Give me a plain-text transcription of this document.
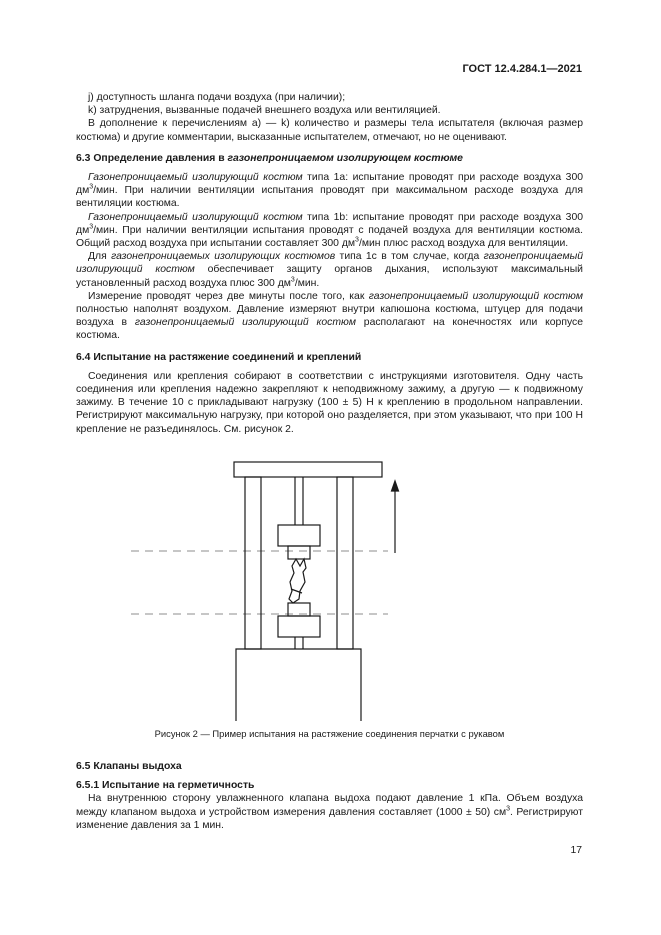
ГОСТ 12.4.284.1—2021

j) доступность шланга подачи воздуха (при наличии);

k) затруднения, вызванные подачей внешнего воздуха или вентиляцией.

В дополнение к перечислениям а) — k) количество и размеры тела испытателя (включая размер костюма) и другие комментарии, высказанные испытателем, отмечают, но не оценивают.

6.3 Определение давления в газонепроницаемом изолирующем костюме

Газонепроницаемый изолирующий костюм типа 1а: испытание проводят при расходе воздуха 300 $дм^3$/мин. При наличии вентиляции испытания проводят при максимальном расходе воздуха для вентиляции костюма.

Газонепроницаемый изолирующий костюм типа 1b: испытание проводят при расходе воздуха 300 $дм^3$/мин. При наличии вентиляции испытания проводят с подачей воздуха для вентиляции костюма. Общий расход воздуха при испытании составляет 300 $дм^3$/мин плюс расход воздуха для вентиляции.

Для газонепроницаемых изолирующих костюмов типа 1c в том случае, когда газонепроницаемый изолирующий костюм обеспечивает защиту органов дыхания, используют максимальный установленный расход воздуха плюс 300 $дм^3$/мин.

Измерение проводят через две минуты после того, как газонепроницаемый изолирующий костюм полностью наполнят воздухом. Давление измеряют внутри капюшона костюма, штуцер для подачи воздуха в газонепроницаемый изолирующий костюм располагают на конечностях или корпусе костюма.

6.4 Испытание на растяжение соединений и креплений

Соединения или крепления собирают в соответствии с инструкциями изготовителя. Одну часть соединения или крепления надежно закрепляют к неподвижному зажиму, а другую — к подвижному зажиму. В течение 10 с прикладывают нагрузку (100 ± 5) Н к креплению в продольном направлении. Регистрируют максимальную нагрузку, при которой оно разделяется, при этом указывают, что при 100 Н крепление не разъединялось. См. рисунок 2.

Рисунок 2 — Пример испытания на растяжение соединения перчатки с рукавом
6.5 Клапаны выдоха
6.5.1 Испытание на герметичность

На внутреннюю сторону увлажненного клапана выдоха подают давление 1 кПа. Объем воздуха между клапаном выдоха и устройством измерения давления составляет (1000 ± 50) $см^3$. Регистрируют изменение давления за 1 мин.

17
